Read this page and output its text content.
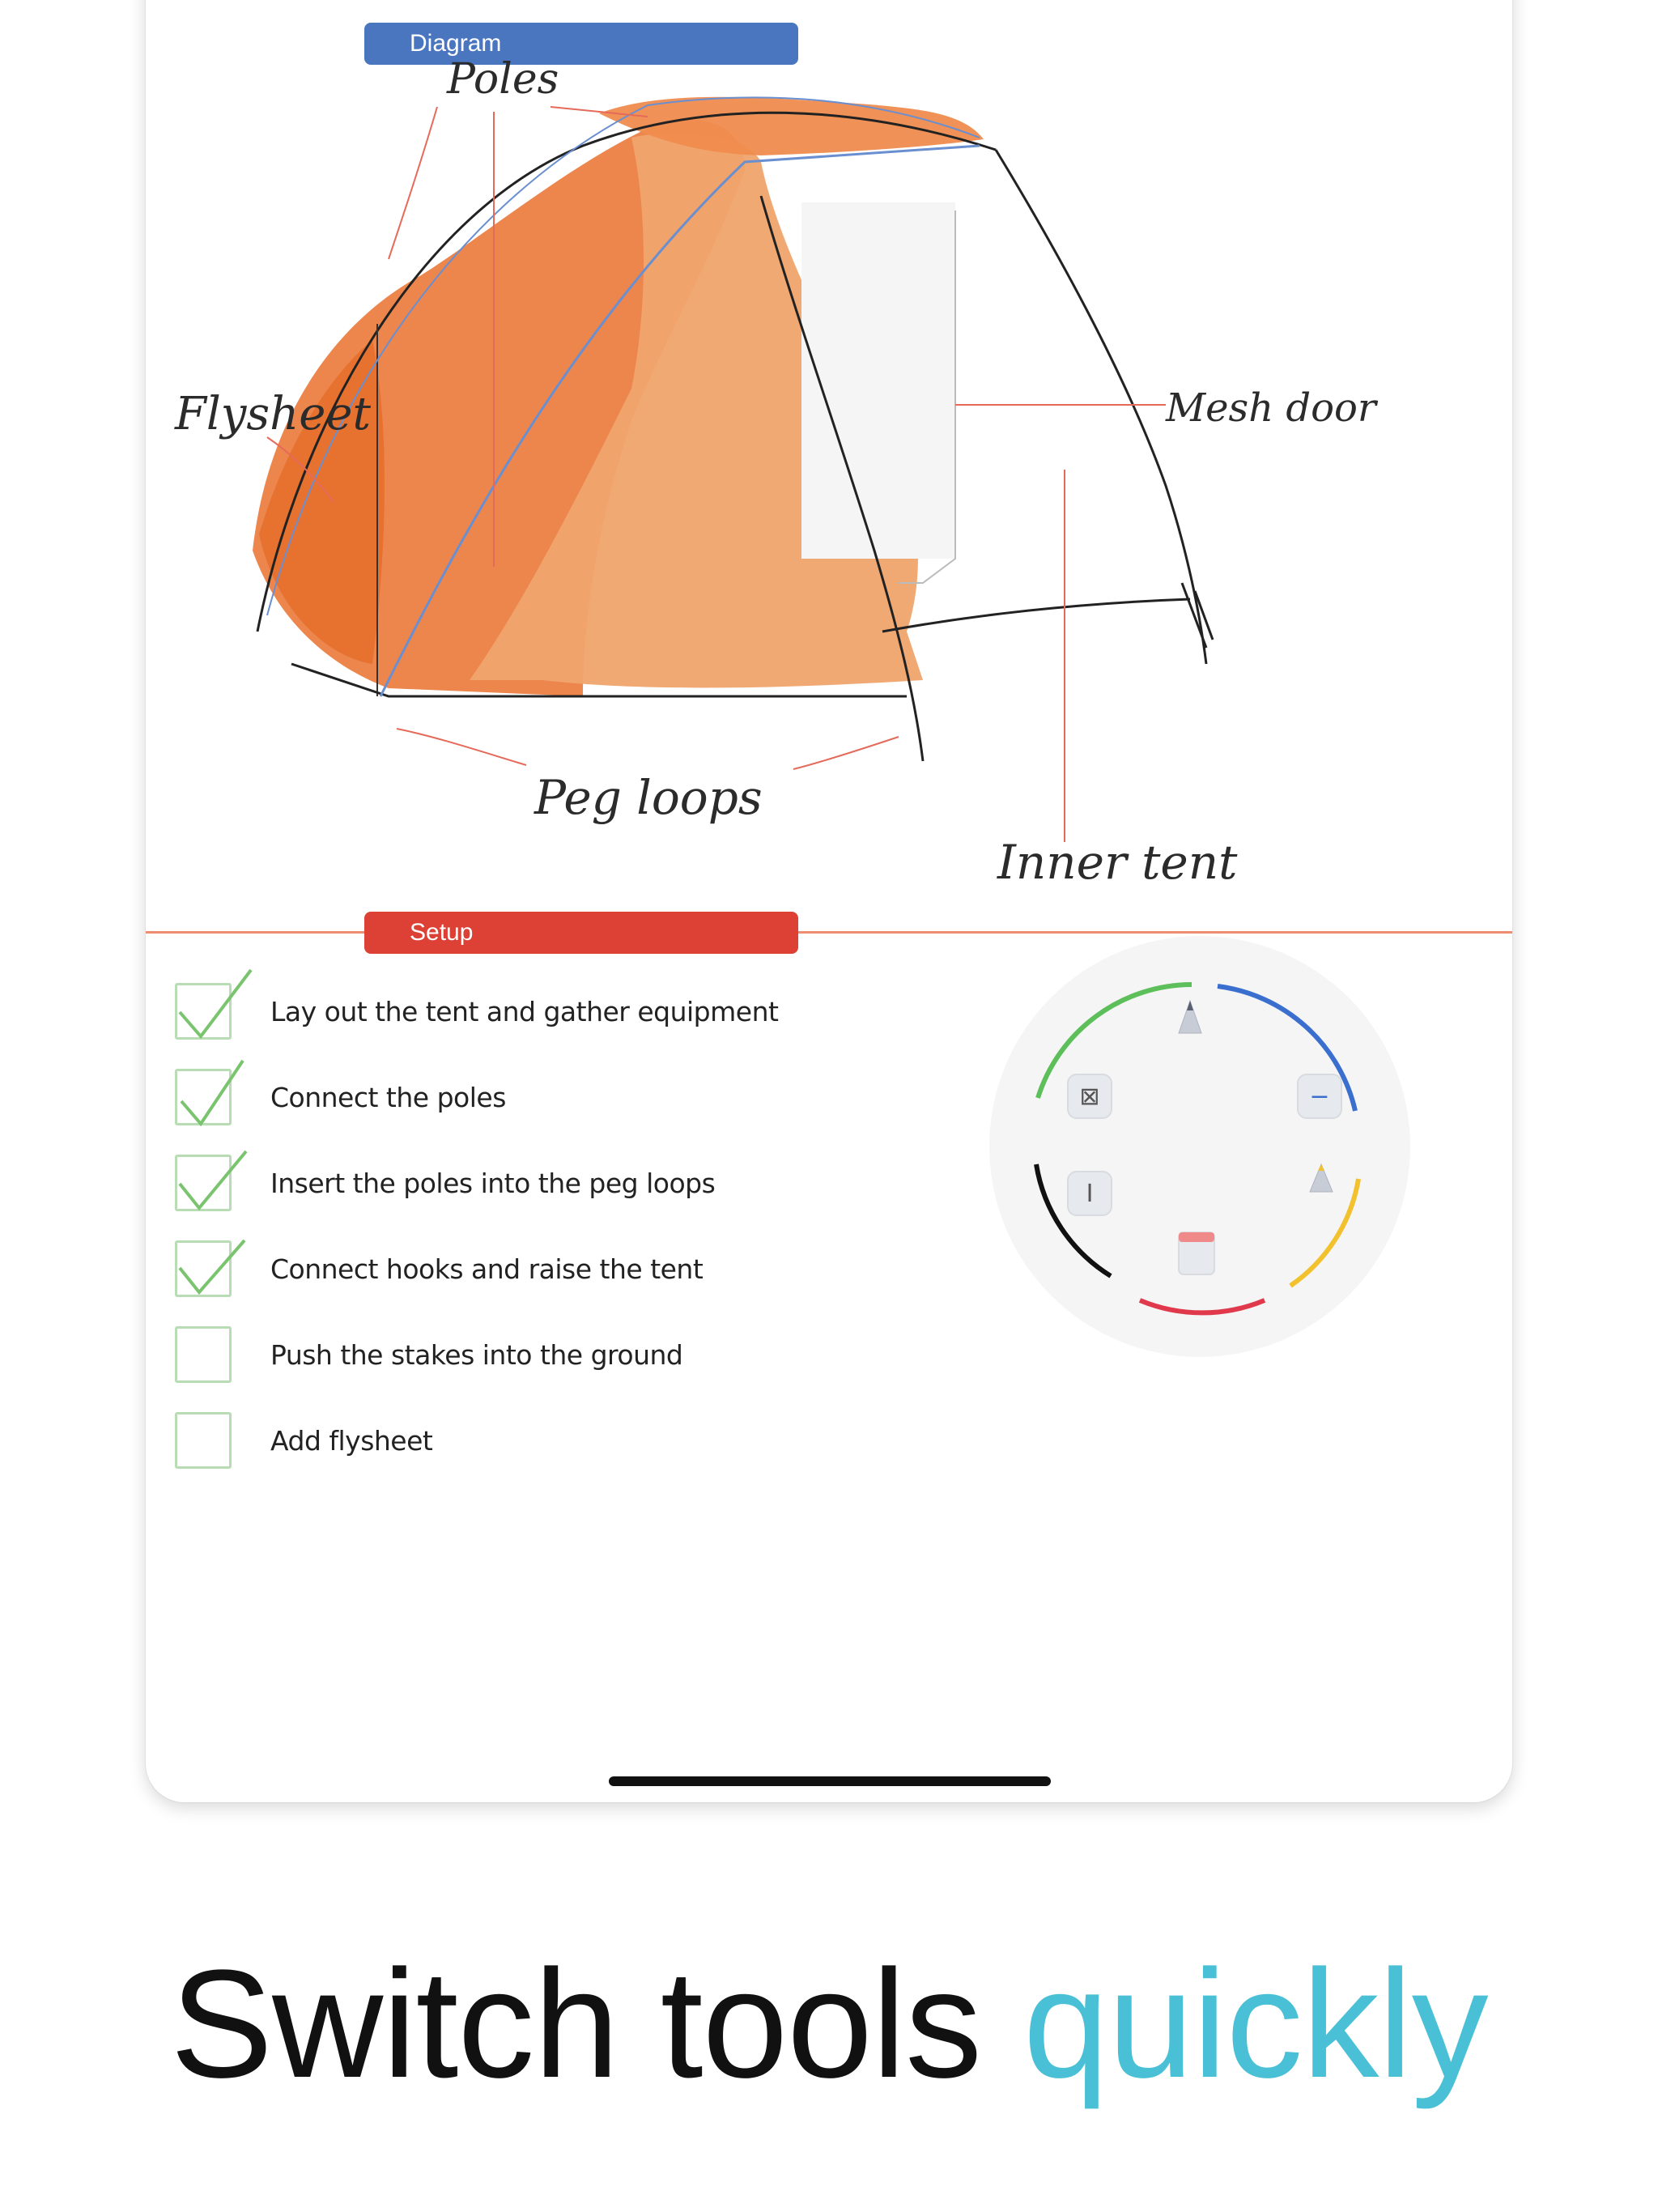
Diagram
Poles
Flysheet	Mesh door
Peg loops
Inner tent
Setup
Lay out the tent and gather equipment
Connect the poles
Insert the poles into the peg loops
Connect hooks and raise the tent
Push the stakes into the ground
Add flysheet
⊠	−
I
Switch tools quickly
